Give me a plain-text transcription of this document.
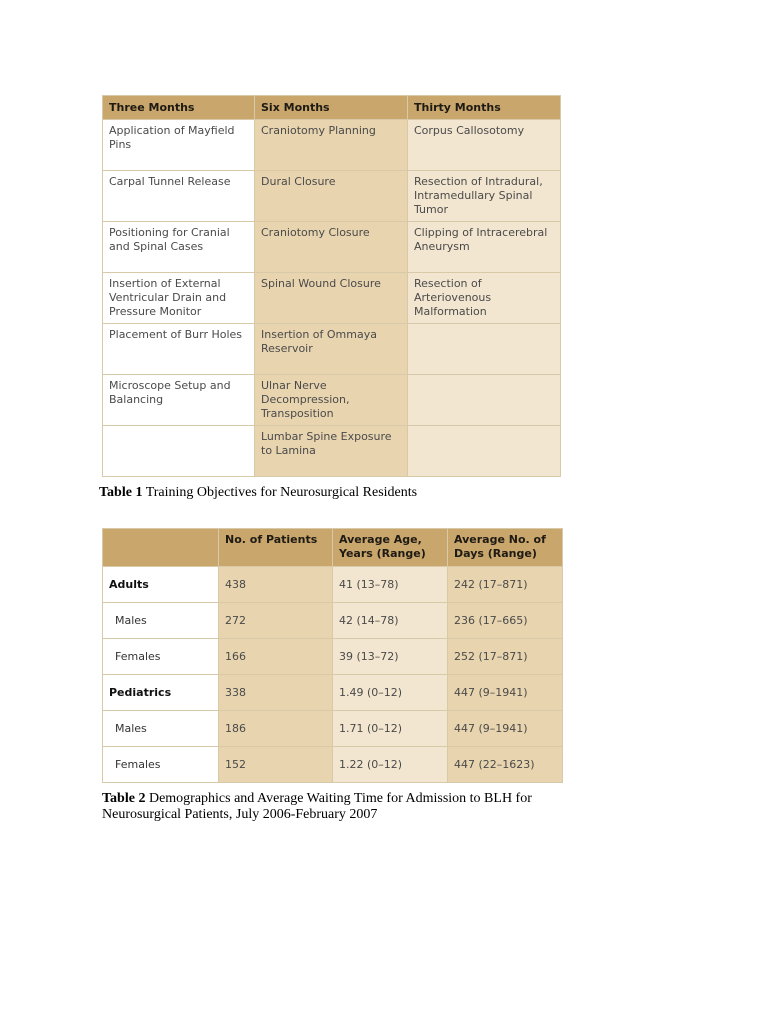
Three Months	Six Months	Thirty Months
Application of Mayfield Pins	Craniotomy Planning	Corpus Callosotomy
Carpal Tunnel Release	Dural Closure	Resection of Intradural, Intramedullary Spinal Tumor
Positioning for Cranial and Spinal Cases	Craniotomy Closure	Clipping of Intracerebral Aneurysm
Insertion of External Ventricular Drain and Pressure Monitor	Spinal Wound Closure	Resection of Arteriovenous Malformation
Placement of Burr Holes	Insertion of Ommaya Reservoir	
Microscope Setup and Balancing	Ulnar Nerve Decompression, Transposition	
	Lumbar Spine Exposure to Lamina	
Table 1 Training Objectives for Neurosurgical Residents
	No. of Patients	Average Age, Years (Range)	Average No. of Days (Range)
Adults	438	41 (13–78)	242 (17–871)
Males	272	42 (14–78)	236 (17–665)
Females	166	39 (13–72)	252 (17–871)
Pediatrics	338	1.49 (0–12)	447 (9–1941)
Males	186	1.71 (0–12)	447 (9–1941)
Females	152	1.22 (0–12)	447 (22–1623)
Table 2 Demographics and Average Waiting Time for Admission to BLH for Neurosurgical Patients, July 2006-February 2007
